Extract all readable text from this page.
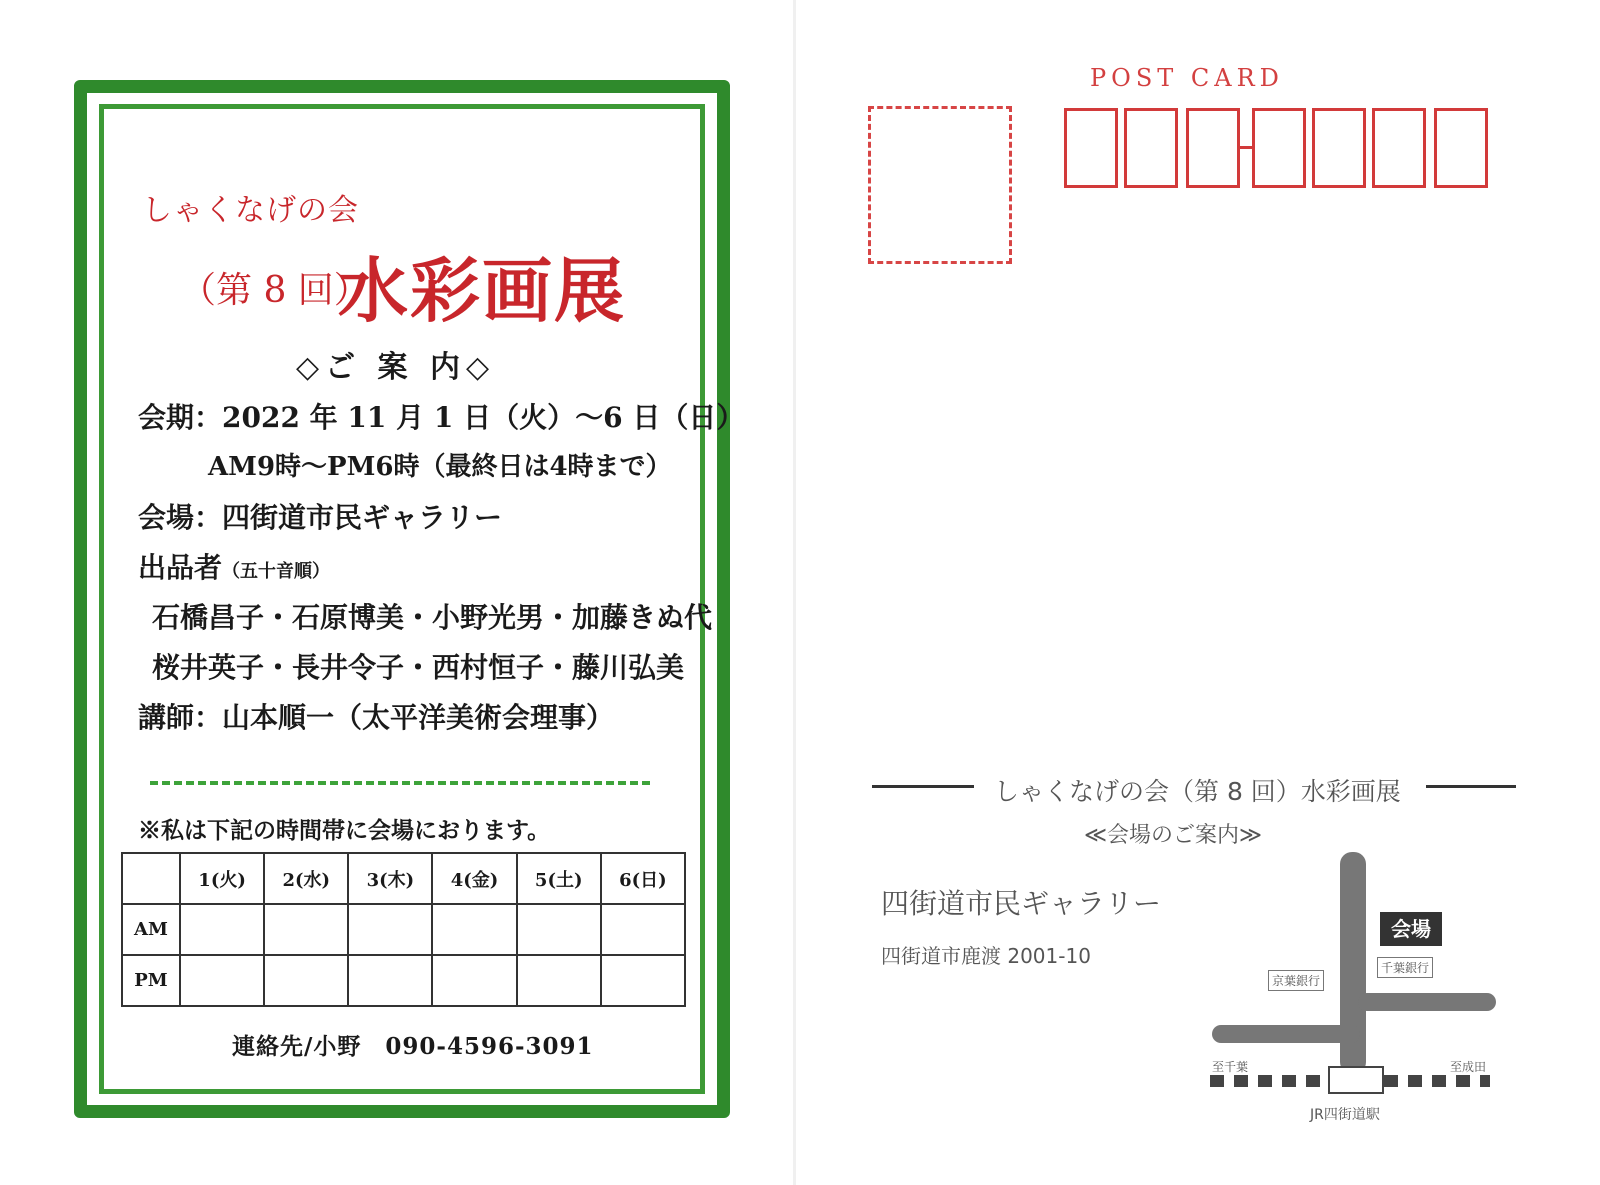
しゃくなげの会
（第 8 回）
水彩画展
◇ご 案 内◇
会期：2022 年 11 月 1 日（火）～6 日（日）
AM9時～PM6時（最終日は4時まで）
会場：四街道市民ギャラリー
出品者（五十音順）
石橋昌子・石原博美・小野光男・加藤きぬ代
桜井英子・長井令子・西村恒子・藤川弘美
講師：山本順一（太平洋美術会理事）
※私は下記の時間帯に会場におります。
	1(火)	2(水)	3(木)	4(金)	5(土)	6(日)
AM						
PM						
連絡先/小野　090-4596-3091
POST CARD
しゃくなげの会（第 8 回）水彩画展
≪会場のご案内≫
四街道市民ギャラリー
四街道市鹿渡 2001-10
会場
千葉銀行
京葉銀行
至千葉	至成田
JR四街道駅
